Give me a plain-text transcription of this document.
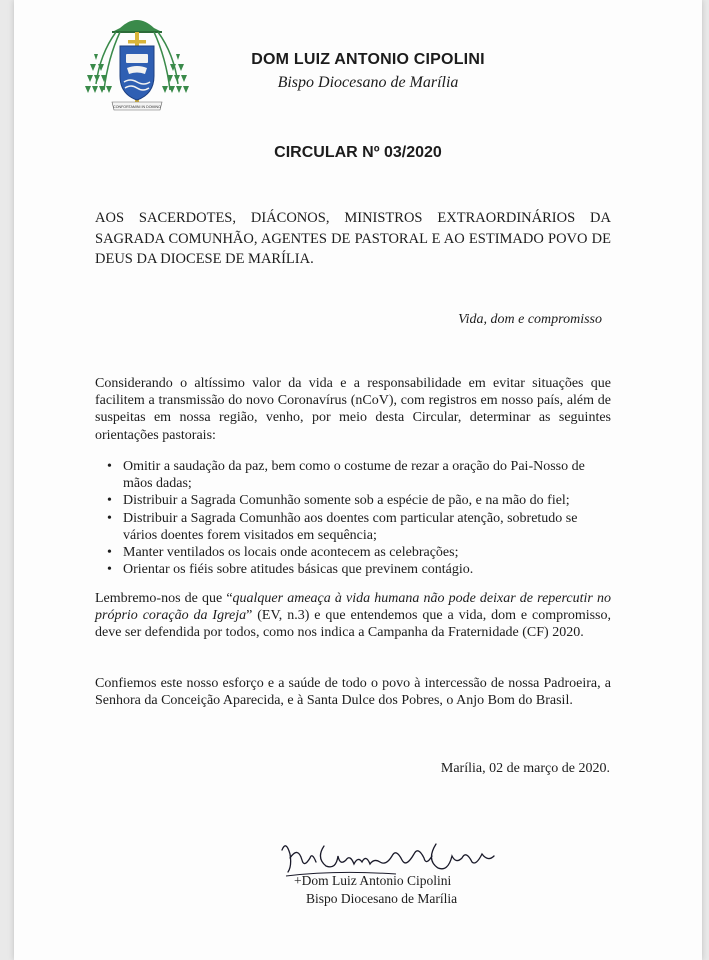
CONFORTAMINI IN DOMINO
DOM LUIZ ANTONIO CIPOLINI
Bispo Diocesano de Marília
CIRCULAR Nº 03/2020
AOS SACERDOTES, DIÁCONOS, MINISTROS EXTRAORDINÁRIOS DA SAGRADA COMUNHÃO, AGENTES DE PASTORAL E AO ESTIMADO POVO DE DEUS DA DIOCESE DE MARÍLIA.
Vida, dom e compromisso
Considerando o altíssimo valor da vida e a responsabilidade em evitar situações que facilitem a transmissão do novo Coronavírus (nCoV), com registros em nosso país, além de suspeitas em nossa região, venho, por meio desta Circular, determinar as seguintes orientações pastorais:
• Omitir a saudação da paz, bem como o costume de rezar a oração do Pai-Nosso de mãos dadas;
• Distribuir a Sagrada Comunhão somente sob a espécie de pão, e na mão do fiel;
• Distribuir a Sagrada Comunhão aos doentes com particular atenção, sobretudo se vários doentes forem visitados em sequência;
• Manter ventilados os locais onde acontecem as celebrações;
• Orientar os fiéis sobre atitudes básicas que previnem contágio.
Lembremo-nos de que “qualquer ameaça à vida humana não pode deixar de repercutir no próprio coração da Igreja” (EV, n.3) e que entendemos que a vida, dom e compromisso, deve ser defendida por todos, como nos indica a Campanha da Fraternidade (CF) 2020.
Confiemos este nosso esforço e a saúde de todo o povo à intercessão de nossa Padroeira, a Senhora da Conceição Aparecida, e à Santa Dulce dos Pobres, o Anjo Bom do Brasil.
Marília, 02 de março de 2020.
+Dom Luiz Antonio Cipolini
Bispo Diocesano de Marília
